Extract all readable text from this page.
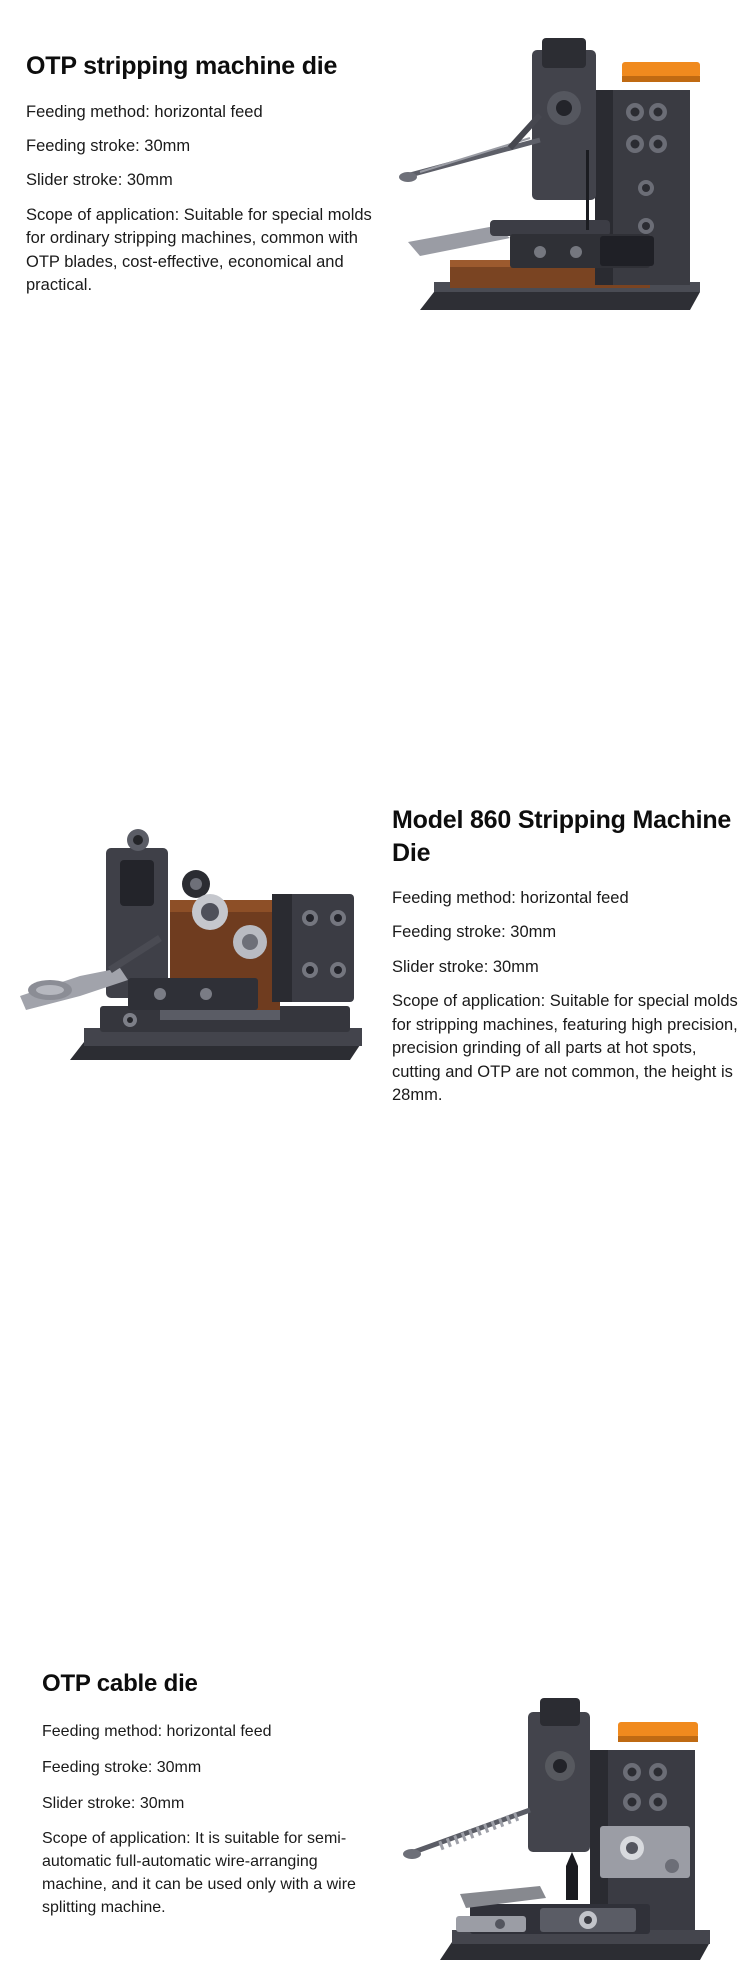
OTP stripping machine die

Feeding method: horizontal feed

Feeding stroke: 30mm

Slider stroke: 30mm

Scope of application: Suitable for special molds for ordinary stripping machines, common with OTP blades, cost-effective, economical and practical.

Model 860 Stripping Machine Die

Feeding method: horizontal feed

Feeding stroke: 30mm

Slider stroke: 30mm

Scope of application: Suitable for special molds for stripping machines, featuring high precision, precision grinding of all parts at hot spots, cutting and OTP are not common, the height is 28mm.

OTP cable die

Feeding method: horizontal feed

Feeding stroke: 30mm

Slider stroke: 30mm

Scope of application: It is suitable for semi-automatic full-automatic wire-arranging machine, and it can be used only with a wire splitting machine.
